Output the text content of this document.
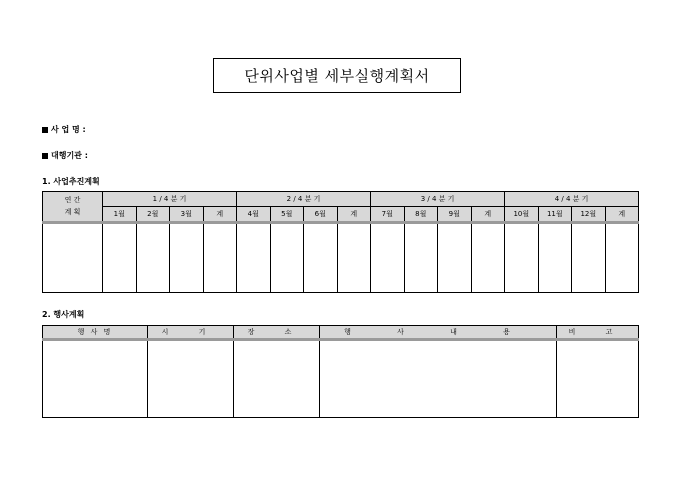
단위사업별 세부실행계획서
사 업 명 :
대행기관 :
1. 사업추진계획
연 간
계 획	1 / 4 분 기				2 / 4 분 기				3 / 4 분 기				4 / 4 분 기			
	1월	2월	3월	계	4월	5월	6월	계	7월	8월	9월	계	10월	11월	12월	계

2. 행사계획
행 사 명	시 기	장 소	행 사 내 용	비 고
